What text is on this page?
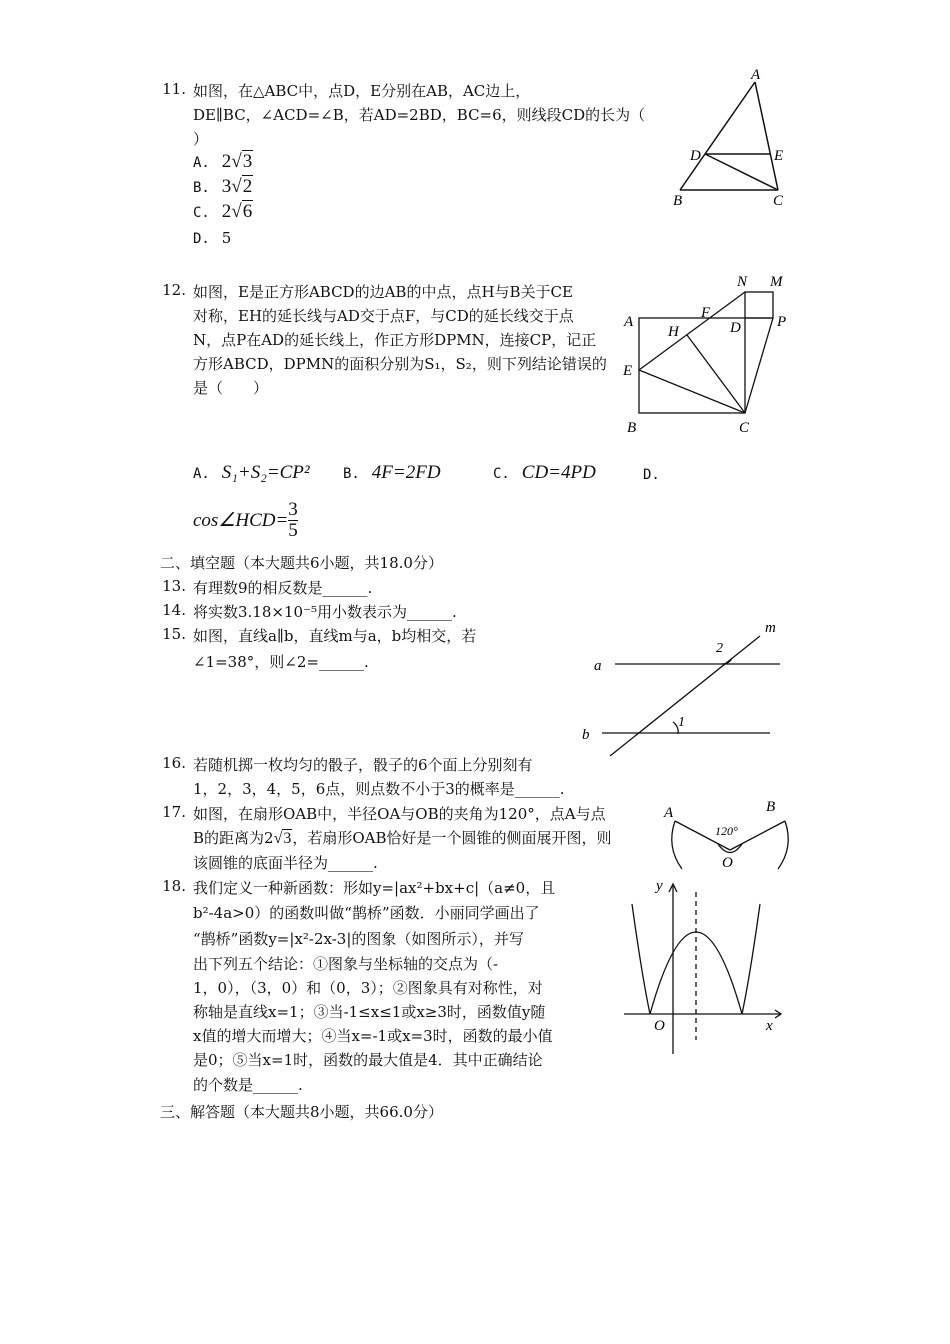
11. 如图，在△ABC中，点D，E分别在AB，AC边上，
DE∥BC，∠ACD=∠B，若AD=2BD，BC=6，则线段CD的长为（
）
A. 2√3
B. 3√2
C. 2√6
D. 5
A
B	C
D	E
12. 如图，E是正方形ABCD的边AB的中点，点H与B关于CE
对称，EH的延长线与AD交于点F，与CD的延长线交于点
N，点P在AD的延长线上，作正方形DPMN，连接CP，记正
方形ABCD，DPMN的面积分别为S₁，S₂，则下列结论错误的
是（　　）
N M
A
F
D P
H
E
B	C
A. S₁+S₂=CP² B. 4F=2FD	C. CD=4PD	D.
cos∠HCD= $\frac{3}{5}$
二、填空题（本大题共6小题，共18.0分）
13. 有理数9的相反数是______.
14. 将实数3.18×10⁻⁵用小数表示为______.
15. 如图，直线a∥b，直线m与a，b均相交，若
∠1=38°，则∠2=______.	a
b
m
1
2
16. 若随机掷一枚均匀的骰子，骰子的6个面上分别刻有
1，2，3，4，5，6点，则点数不小于3的概率是______.
17. 如图，在扇形OAB中，半径OA与OB的夹角为120°，点A与点
B的距离为2√3，若扇形OAB恰好是一个圆锥的侧面展开图，则
该圆锥的底面半径为______.
A	B
O
120°
18. 我们定义一种新函数：形如y=|ax²+bx+c|（a≠0，且
b²-4a>0）的函数叫做“鹊桥”函数．小丽同学画出了
“鹊桥”函数y=|x²-2x-3|的图象（如图所示），并写
出下列五个结论：①图象与坐标轴的交点为（-
1，0），（3，0）和（0，3）；②图象具有对称性，对
称轴是直线x=1；③当-1≤x≤1或x≥3时，函数值y随
x值的增大而增大；④当x=-1或x=3时，函数的最小值
是0；⑤当x=1时，函数的最大值是4．其中正确结论
的个数是______.
y
x
O
三、解答题（本大题共8小题，共66.0分）
